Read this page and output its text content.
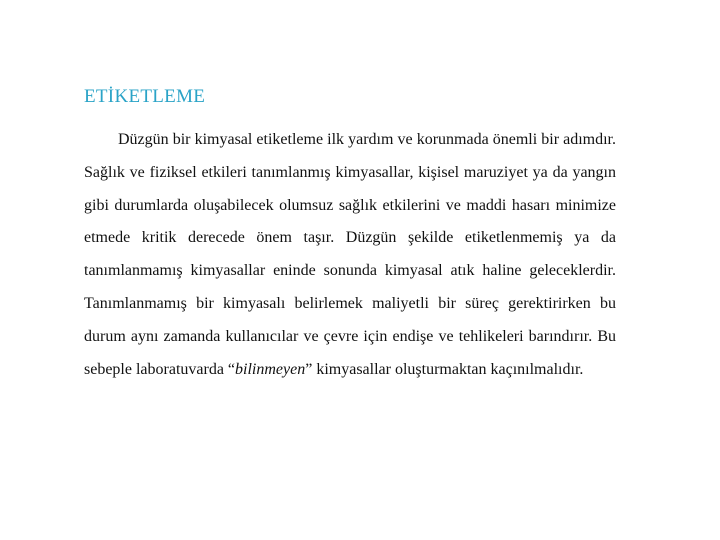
ETİKETLEME

Düzgün bir kimyasal etiketleme ilk yardım ve korunmada önemli bir adımdır. Sağlık ve fiziksel etkileri tanımlanmış kimyasallar, kişisel maruziyet ya da yangın gibi durumlarda oluşabilecek olumsuz sağlık etkilerini ve maddi hasarı minimize etmede kritik derecede önem taşır. Düzgün şekilde etiketlenmemiş ya da tanımlanmamış kimyasallar eninde sonunda kimyasal atık haline geleceklerdir. Tanımlanmamış bir kimyasalı belirlemek maliyetli bir süreç gerektirirken bu durum aynı zamanda kullanıcılar ve çevre için endişe ve tehlikeleri barındırır. Bu sebeple laboratuvarda “bilinmeyen” kimyasallar oluşturmaktan kaçınılmalıdır.
